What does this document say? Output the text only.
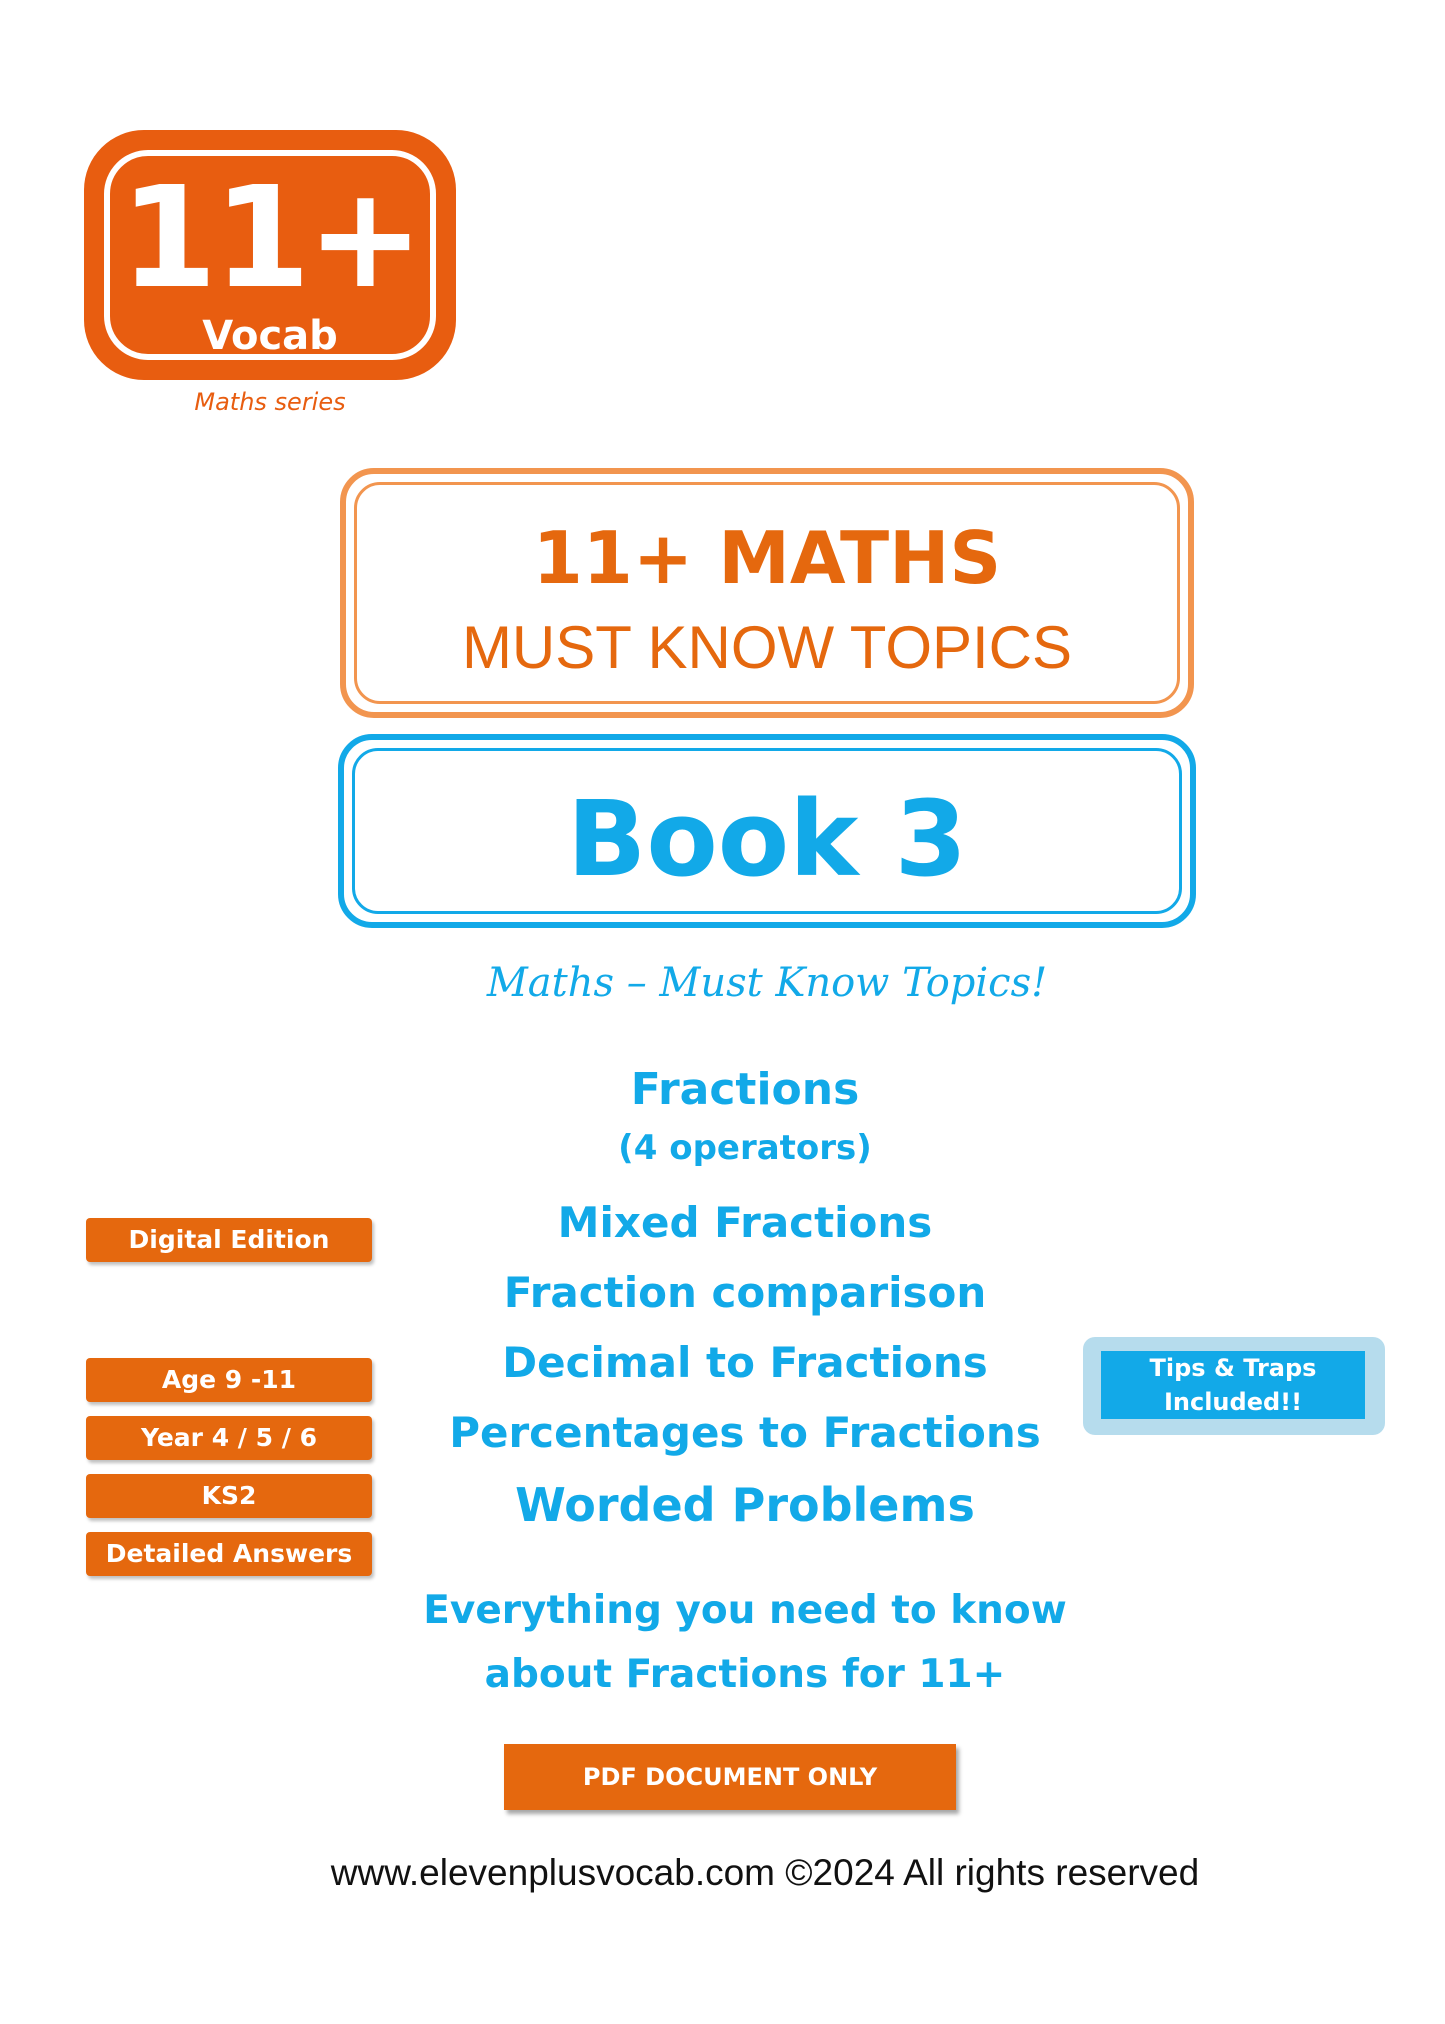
11+
Vocab
Maths series
11+ MATHS
MUST KNOW TOPICS
Book 3
Maths – Must Know Topics!
Fractions
(4 operators)
Mixed Fractions
Fraction comparison
Decimal to Fractions
Percentages to Fractions
Worded Problems
Digital Edition
Age 9 -11
Year 4 / 5 / 6
KS2
Detailed Answers
Tips & Traps
Included!!
Everything you need to know
about Fractions for 11+
PDF DOCUMENT ONLY
www.elevenplusvocab.com ©2024 All rights reserved
